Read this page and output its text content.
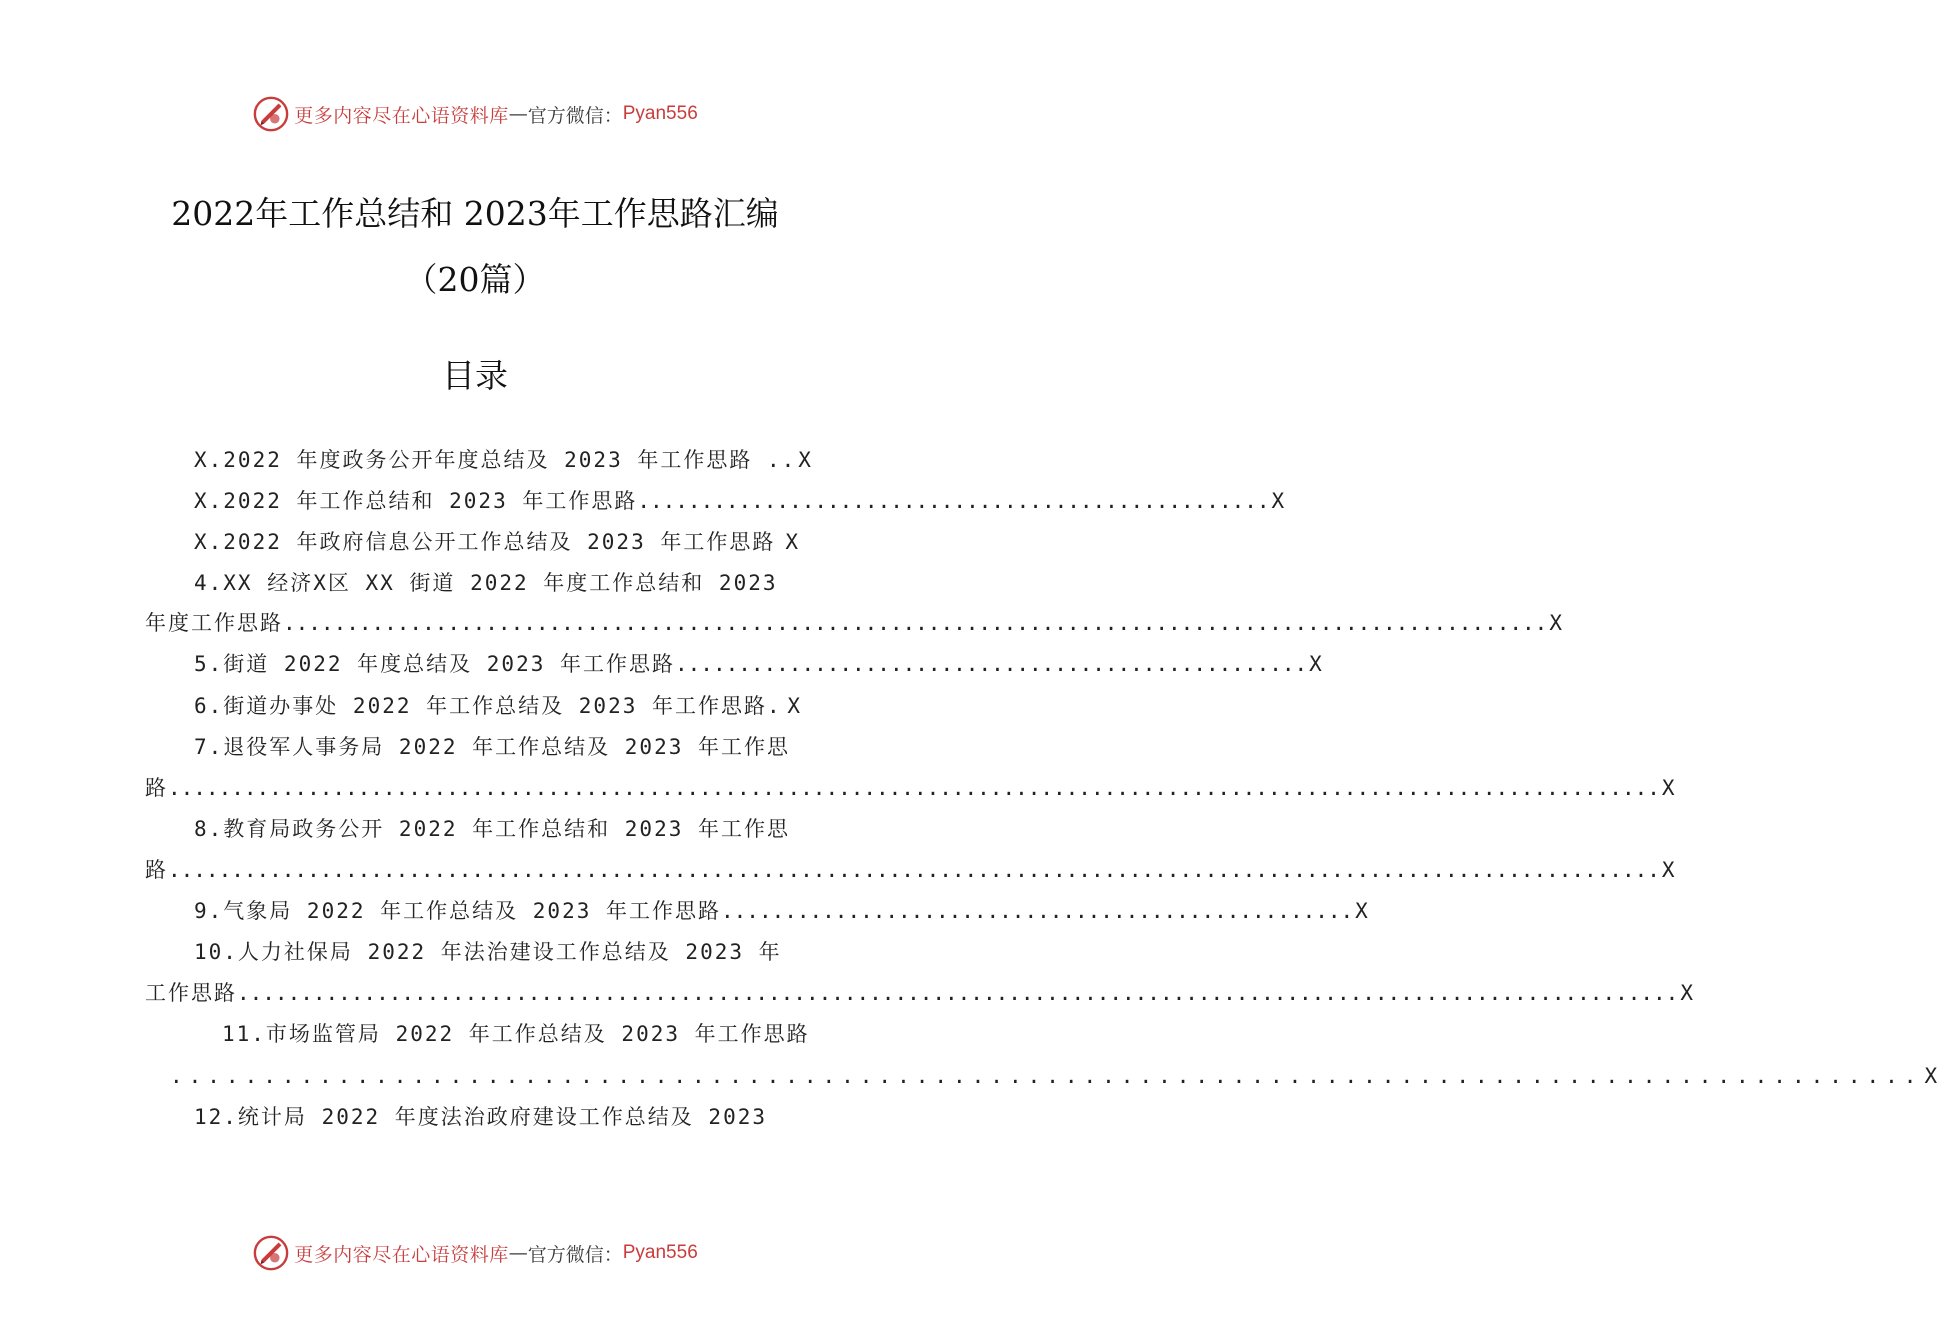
更多内容尽在心语资料库 — 官方微信： Pyan556
2022年工作总结和 2023年工作思路汇编
（20篇）
目录
X.2022 年度政务公开年度总结及 2023 年工作思路 .. X
X.2022 年工作总结和 2023 年工作思路 .................................................. X
X.2022 年政府信息公开工作总结及 2023 年工作思路 X
4.XX 经济X区 XX 街道 2022 年度工作总结和 2023
年度工作思路 .................................................................................................... X
5.街道 2022 年度总结及 2023 年工作思路 .................................................. X
6.街道办事处 2022 年工作总结及 2023 年工作思路. X
7.退役军人事务局 2022 年工作总结及 2023 年工作思
路 ...................................................................................................................... X
8.教育局政务公开 2022 年工作总结和 2023 年工作思
路 ...................................................................................................................... X
9.气象局 2022 年工作总结及 2023 年工作思路 .................................................. X
10.人力社保局 2022 年法治建设工作总结及 2023 年
工作思路 .................................................................................................................. X
11.市场监管局 2022 年工作总结及 2023 年工作思路
.............................................................................................. X
12.统计局 2022 年度法治政府建设工作总结及 2023
更多内容尽在心语资料库 — 官方微信： Pyan556
